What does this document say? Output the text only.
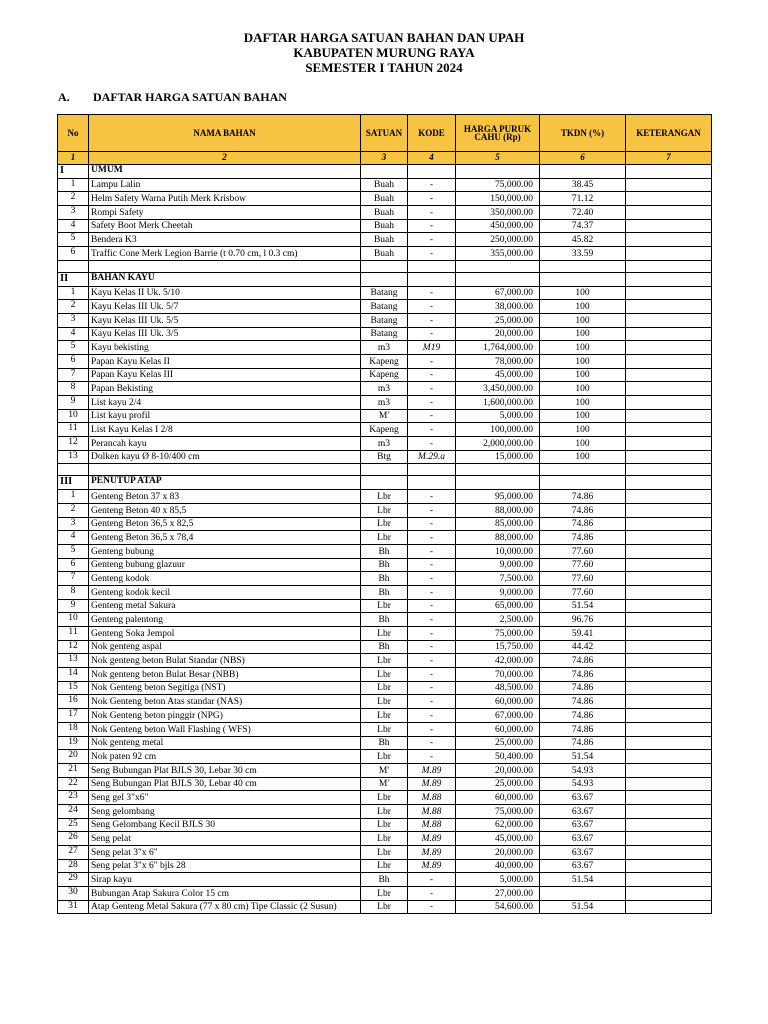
DAFTAR HARGA SATUAN BAHAN DAN UPAH
KABUPATEN MURUNG RAYA
SEMESTER I TAHUN 2024
A. DAFTAR HARGA SATUAN BAHAN
No	NAMA BAHAN	SATUAN	KODE	HARGA PURUK CAHU (Rp)	TKDN (%)	KETERANGAN
1	2	3	4	5	6	7
I	UMUM					
1	Lampu Lalin	Buah	-	75,000.00	38.45	
2	Helm Safety Warna Putih Merk Krisbow	Buah	-	150,000.00	71.12	
3	Rompi Safety	Buah	-	350,000.00	72.40	
4	Safety Boot Merk Cheetah	Buah	-	450,000.00	74.37	
5	Bendera K3	Buah	-	250,000.00	45.82	
6	Traffic Cone Merk Legion Barrie (t 0.70 cm, l 0.3 cm)	Buah	-	355,000.00	33.59	

II	BAHAN KAYU					
1	Kayu Kelas II Uk. 5/10	Batang	-	67,000.00	100	
2	Kayu Kelas III Uk. 5/7	Batang	-	38,000.00	100	
3	Kayu Kelas III Uk. 5/5	Batang	-	25,000.00	100	
4	Kayu Kelas III Uk. 3/5	Batang	-	20,000.00	100	
5	Kayu bekisting	m3	M19	1,764,000.00	100	
6	Papan Kayu Kelas II	Kapeng	-	78,000.00	100	
7	Papan Kayu Kelas III	Kapeng	-	45,000.00	100	
8	Papan Bekisting	m3	-	3,450,000.00	100	
9	List kayu 2/4	m3	-	1,600,000.00	100	
10	List kayu profil	M'	-	5,000.00	100	
11	List Kayu Kelas I 2/8	Kapeng	-	100,000.00	100	
12	Perancah kayu	m3	-	2,000,000.00	100	
13	Dolken kayu Ø 8-10/400 cm	Btg	M.29.a	15,000.00	100	

III	PENUTUP ATAP					
1	Genteng Beton 37 x 83	Lbr	-	95,000.00	74.86	
2	Genteng Beton 40 x 85,5	Lbr	-	88,000.00	74.86	
3	Genteng Beton 36,5 x 82,5	Lbr	-	85,000.00	74.86	
4	Genteng Beton 36,5 x 78,4	Lbr	-	88,000.00	74.86	
5	Genteng bubung	Bh	-	10,000.00	77.60	
6	Genteng bubung glazuur	Bh	-	9,000.00	77.60	
7	Genteng kodok	Bh	-	7,500.00	77.60	
8	Genteng kodok kecil	Bh	-	9,000.00	77.60	
9	Genteng metal Sakura	Lbr	-	65,000.00	51.54	
10	Genteng palentong	Bh	-	2,500.00	96.76	
11	Genteng Soka Jempol	Lbr	-	75,000.00	59.41	
12	Nok genteng aspal	Bh	-	15,750.00	44.42	
13	Nok genteng beton Bulat Standar (NBS)	Lbr	-	42,000.00	74.86	
14	Nok genteng beton Bulat Besar (NBB)	Lbr	-	70,000.00	74.86	
15	Nok Genteng beton Segitiga (NST)	Lbr	-	48,500.00	74.86	
16	Nok Genteng beton Atas standar (NAS)	Lbr	-	60,000.00	74.86	
17	Nok Genteng beton pinggir (NPG)	Lbr	-	67,000.00	74.86	
18	Nok Genteng beton Wall Flashing ( WFS)	Lbr	-	60,000.00	74.86	
19	Nok genteng metal	Bh	-	25,000.00	74.86	
20	Nok paten 92 cm	Lbr	-	50,400.00	51.54	
21	Seng Bubungan Plat BJLS 30, Lebar 30 cm	M'	M.89	20,000.00	54.93	
22	Seng Bubungan Plat BJLS 30, Lebar 40 cm	M'	M.89	25,000.00	54.93	
23	Seng gel 3"x6"	Lbr	M.88	60,000.00	63.67	
24	Seng gelombang	Lbr	M.88	75,000.00	63.67	
25	Seng Gelombang Kecil BJLS 30	Lbr	M.88	62,000.00	63.67	
26	Seng pelat	Lbr	M.89	45,000.00	63.67	
27	Seng pelat 3"x 6"	Lbr	M.89	20,000.00	63.67	
28	Seng pelat 3"x 6" bjls 28	Lbr	M.89	40,000.00	63.67	
29	Sirap kayu	Bh	-	5,000.00	51.54	
30	Bubungan Atap Sakura Color 15 cm	Lbr	-	27,000.00		
31	Atap Genteng Metal Sakura (77 x 80 cm) Tipe Classic (2 Susun)	Lbr	-	54,600.00	51.54	
